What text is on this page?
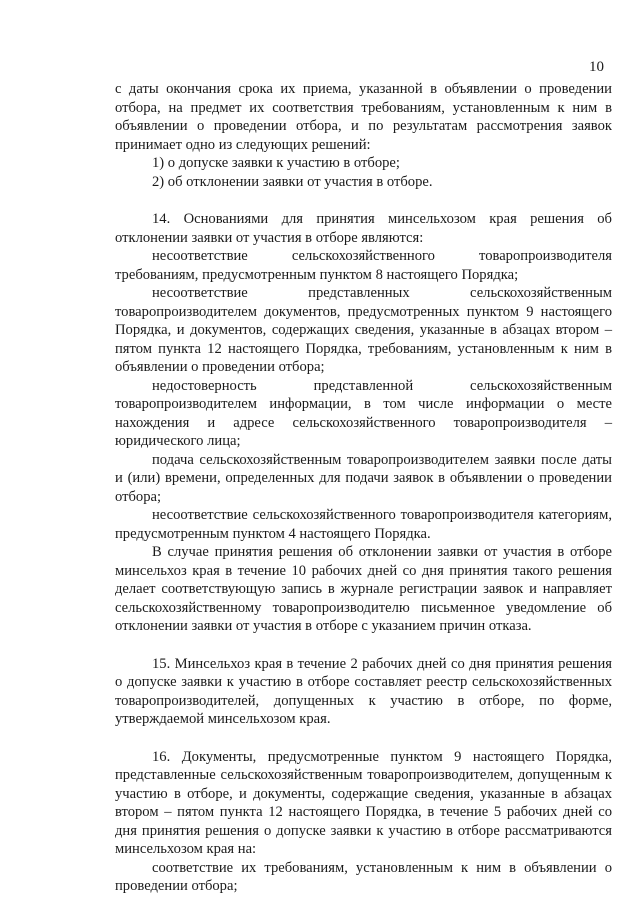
10

с даты окончания срока их приема, указанной в объявлении о проведении отбора, на предмет их соответствия требованиям, установленным к ним в объявлении о проведении отбора, и по результатам рассмотрения заявок принимает одно из следующих решений:

1) о допуске заявки к участию в отборе;

2) об отклонении заявки от участия в отборе.

14. Основаниями для принятия минсельхозом края решения об отклонении заявки от участия в отборе являются:

несоответствие сельскохозяйственного товаропроизводителя требованиям, предусмотренным пунктом 8 настоящего Порядка;

несоответствие представленных сельскохозяйственным товаропроизводителем документов, предусмотренных пунктом 9 настоящего Порядка, и документов, содержащих сведения, указанные в абзацах втором – пятом пункта 12 настоящего Порядка, требованиям, установленным к ним в объявлении о проведении отбора;

недостоверность представленной сельскохозяйственным товаропроизводителем информации, в том числе информации о месте нахождения и адресе сельскохозяйственного товаропроизводителя – юридического лица;

подача сельскохозяйственным товаропроизводителем заявки после даты и (или) времени, определенных для подачи заявок в объявлении о проведении отбора;

несоответствие сельскохозяйственного товаропроизводителя категориям, предусмотренным пунктом 4 настоящего Порядка.

В случае принятия решения об отклонении заявки от участия в отборе минсельхоз края в течение 10 рабочих дней со дня принятия такого решения делает соответствующую запись в журнале регистрации заявок и направляет сельскохозяйственному товаропроизводителю письменное уведомление об отклонении заявки от участия в отборе с указанием причин отказа.

15. Минсельхоз края в течение 2 рабочих дней со дня принятия решения о допуске заявки к участию в отборе составляет реестр сельскохозяйственных товаропроизводителей, допущенных к участию в отборе, по форме, утверждаемой минсельхозом края.

16. Документы, предусмотренные пунктом 9 настоящего Порядка, представленные сельскохозяйственным товаропроизводителем, допущенным к участию в отборе, и документы, содержащие сведения, указанные в абзацах втором – пятом пункта 12 настоящего Порядка, в течение 5 рабочих дней со дня принятия решения о допуске заявки к участию в отборе рассматриваются минсельхозом края на:

соответствие их требованиям, установленным к ним в объявлении о проведении отбора;
